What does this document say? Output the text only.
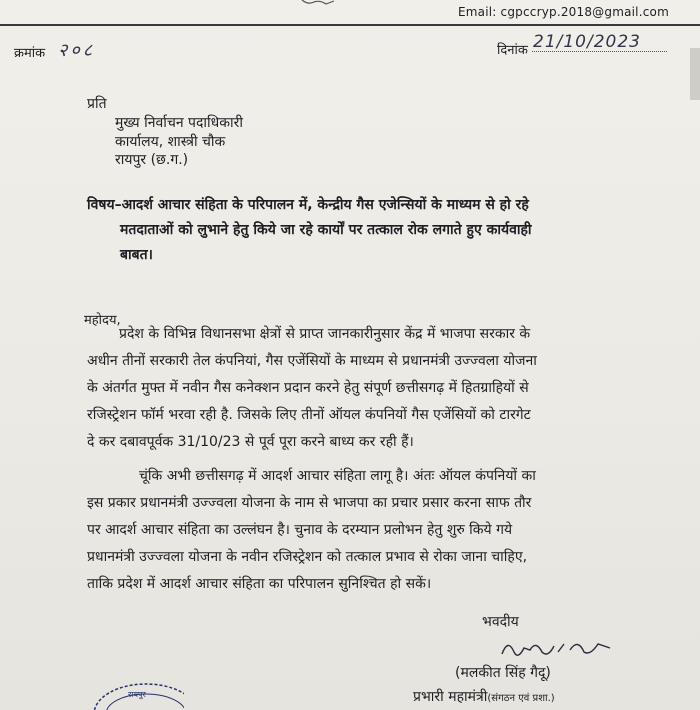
Email: cgpccryp.2018@gmail.com
क्रमांक २०८	दिनांक 21/10/2023
प्रति
मुख्य निर्वाचन पदाधिकारी
कार्यालय, शास्त्री चौक
रायपुर (छ.ग.)
विषय–आदर्श आचार संहिता के परिपालन में, केन्द्रीय गैस एजेन्सियों के माध्यम से हो रहे
मतदाताओं को लुभाने हेतु किये जा रहे कार्यों पर तत्काल रोक लगाते हुए कार्यवाही
बाबत।
महोदय,
प्रदेश के विभिन्न विधानसभा क्षेत्रों से प्राप्त जानकारीनुसार केंद्र में भाजपा सरकार के
अधीन तीनों सरकारी तेल कंपनियां, गैस एजेंसियों के माध्यम से प्रधानमंत्री उज्ज्वला योजना
के अंतर्गत मुफ्त में नवीन गैस कनेक्शन प्रदान करने हेतु संपूर्ण छत्तीसगढ़ में हितग्राहियों से
रजिस्ट्रेशन फॉर्म भरवा रही है. जिसके लिए तीनों ऑयल कंपनियों गैस एजेंसियों को टारगेट
दे कर दबावपूर्वक 31/10/23 से पूर्व पूरा करने बाध्य कर रही हैं।
चूंकि अभी छत्तीसगढ़ में आदर्श आचार संहिता लागू है। अंतः ऑयल कंपनियों का
इस प्रकार प्रधानमंत्री उज्ज्वला योजना के नाम से भाजपा का प्रचार प्रसार करना साफ तौर
पर आदर्श आचार संहिता का उल्लंघन है। चुनाव के दरम्यान प्रलोभन हेतु शुरु किये गये
प्रधानमंत्री उज्ज्वला योजना के नवीन रजिस्ट्रेशन को तत्काल प्रभाव से रोका जाना चाहिए,
ताकि प्रदेश में आदर्श आचार संहिता का परिपालन सुनिश्चित हो सकें।
भवदीय
(मलकीत सिंह गैदू)
प्रभारी महामंत्री(संगठन एवं प्रशा.)
रायपुर
